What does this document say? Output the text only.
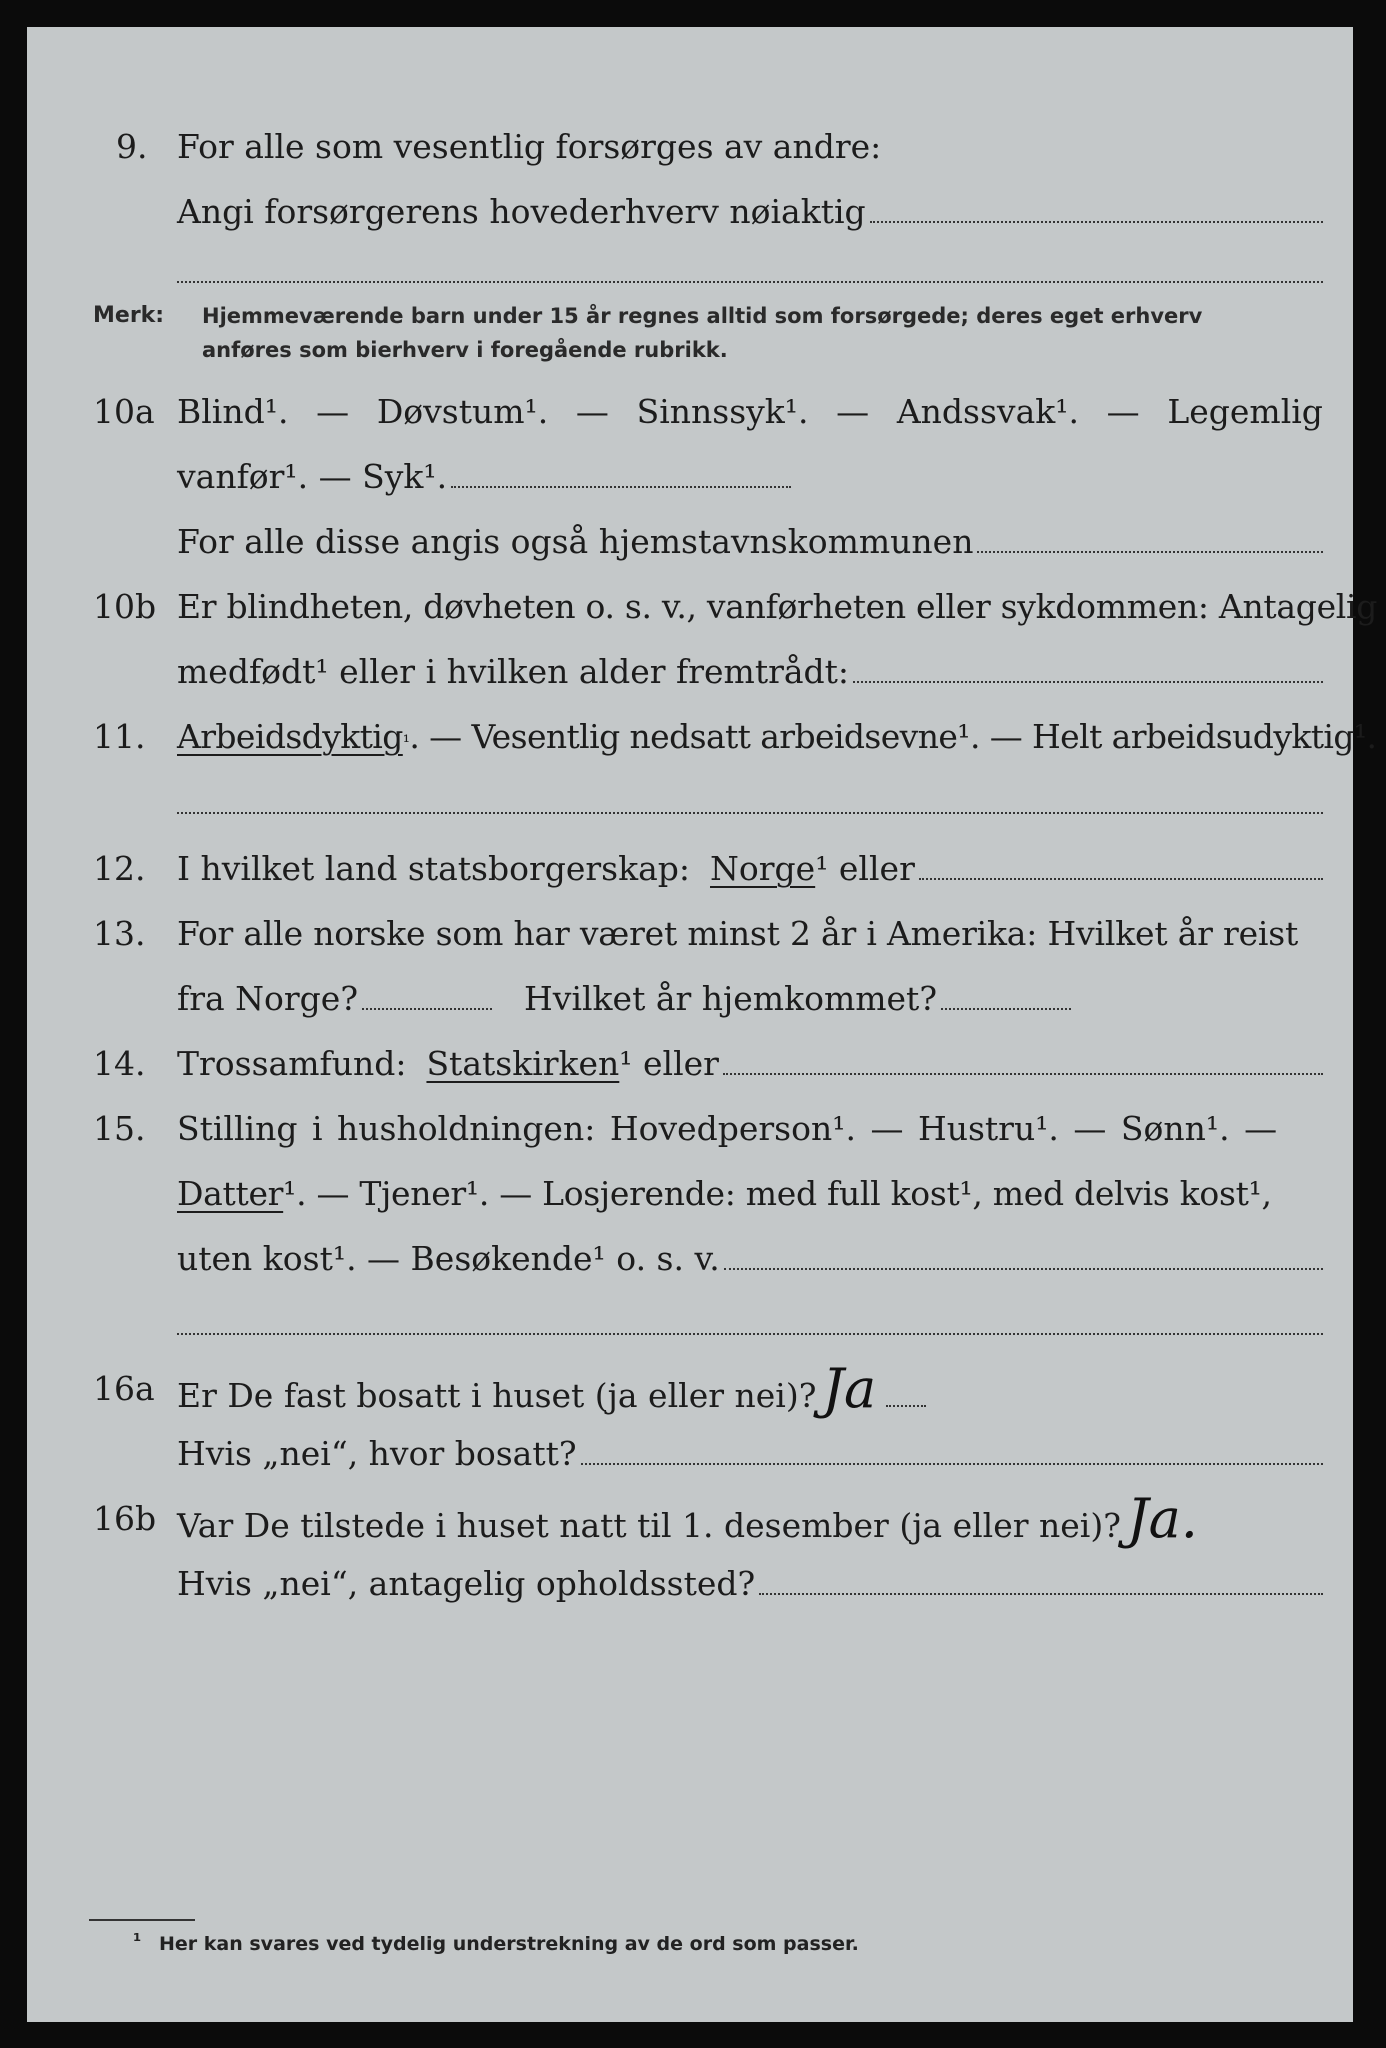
9. For alle som vesentlig forsørges av andre:
Angi forsørgerens hovederhverv nøiaktig
Merk: Hjemmeværende barn under 15 år regnes alltid som forsørgede; deres eget erhverv
anføres som bierhverv i foregående rubrikk.
10a Blind¹. — Døvstum¹. — Sinnssyk¹. — Andssvak¹. — Legemlig
vanfør¹. — Syk¹.
For alle disse angis også hjemstavnskommunen
10b Er blindheten, døvheten o. s. v., vanførheten eller sykdommen: Antagelig
medfødt¹ eller i hvilken alder fremtrådt:
11. Arbeidsdyktig ¹ . — Vesentlig nedsatt arbeidsevne¹. — Helt arbeidsudyktig¹.
12. I hvilket land statsborgerskap: Norge ¹ eller
13. For alle norske som har været minst 2 år i Amerika: Hvilket år reist
fra Norge?	Hvilket år hjemkommet?
14. Trossamfund: Statskirken ¹ eller
15. Stilling i husholdningen: Hovedperson¹. — Hustru¹. — Sønn¹. —
Datter ¹. — Tjener¹. — Losjerende: med full kost¹, med delvis kost¹,
uten kost¹. — Besøkende¹ o. s. v.
16a Er De fast bosatt i huset (ja eller nei)? Ja
Hvis „nei“, hvor bosatt?
16b Var De tilstede i huset natt til 1. desember (ja eller nei)? Ja.
Hvis „nei“, antagelig opholdssted?
¹ Her kan svares ved tydelig understrekning av de ord som passer.
